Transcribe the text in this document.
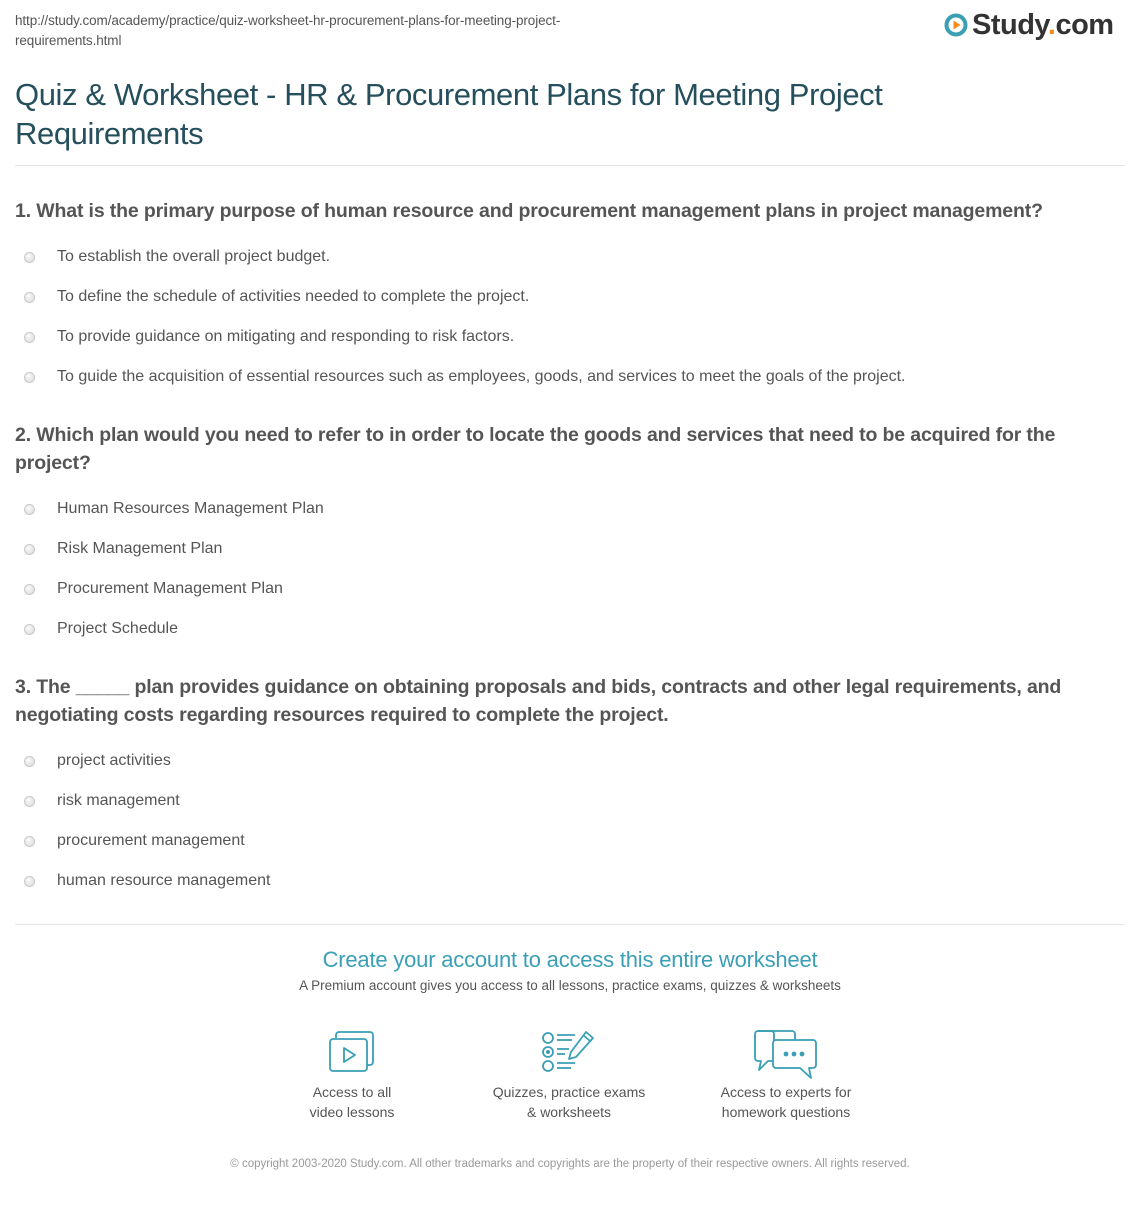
http://study.com/academy/practice/quiz-worksheet-hr-procurement-plans-for-meeting-project-requirements.html	Study.com
Quiz & Worksheet - HR & Procurement Plans for Meeting Project Requirements
1. What is the primary purpose of human resource and procurement management plans in project management?
To establish the overall project budget.
To define the schedule of activities needed to complete the project.
To provide guidance on mitigating and responding to risk factors.
To guide the acquisition of essential resources such as employees, goods, and services to meet the goals of the project.
2. Which plan would you need to refer to in order to locate the goods and services that need to be acquired for the project?
Human Resources Management Plan
Risk Management Plan
Procurement Management Plan
Project Schedule
3. The _____ plan provides guidance on obtaining proposals and bids, contracts and other legal requirements, and negotiating costs regarding resources required to complete the project.
project activities
risk management
procurement management
human resource management
Create your account to access this entire worksheet
A Premium account gives you access to all lessons, practice exams, quizzes & worksheets
Access to all
video lessons
Quizzes, practice exams
& worksheets
Access to experts for
homework questions
© copyright 2003-2020 Study.com. All other trademarks and copyrights are the property of their respective owners. All rights reserved.
